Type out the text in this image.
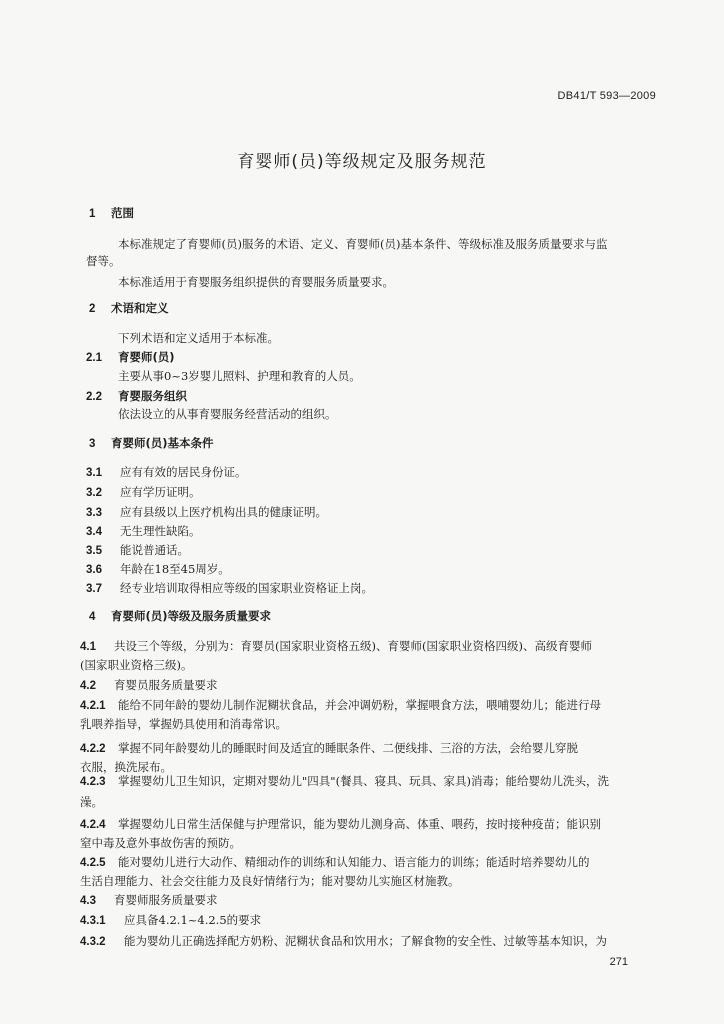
DB41/T 593—2009
育婴师(员)等级规定及服务规范
1 范围
本标准规定了育婴师(员)服务的术语、定义、育婴师(员)基本条件、等级标准及服务质量要求与监
督等。
本标准适用于育婴服务组织提供的育婴服务质量要求。
2 术语和定义
下列术语和定义适用于本标准。
2.1 育婴师(员)
主要从事0~3岁婴儿照料、护理和教育的人员。
2.2 育婴服务组织
依法设立的从事育婴服务经营活动的组织。
3 育婴师(员)基本条件
3.1 应有有效的居民身份证。
3.2 应有学历证明。
3.3 应有县级以上医疗机构出具的健康证明。
3.4 无生理性缺陷。
3.5 能说普通话。
3.6 年龄在18至45周岁。
3.7 经专业培训取得相应等级的国家职业资格证上岗。
4 育婴师(员)等级及服务质量要求
4.1 共设三个等级，分别为：育婴员(国家职业资格五级)、育婴师(国家职业资格四级)、高级育婴师
(国家职业资格三级)。
4.2 育婴员服务质量要求
4.2.1 能给不同年龄的婴幼儿制作泥糊状食品，并会冲调奶粉，掌握喂食方法，喂哺婴幼儿；能进行母
乳喂养指导，掌握奶具使用和消毒常识。
4.2.2 掌握不同年龄婴幼儿的睡眠时间及适宜的睡眠条件、二便线排、三浴的方法，会给婴儿穿脱
衣服，换洗尿布。
4.2.3 掌握婴幼儿卫生知识，定期对婴幼儿"四具"(餐具、寝具、玩具、家具)消毒；能给婴幼儿洗头，洗
澡。
4.2.4 掌握婴幼儿日常生活保健与护理常识，能为婴幼儿测身高、体重、喂药，按时接种疫苗；能识别
窒中毒及意外事故伤害的预防。
4.2.5 能对婴幼儿进行大动作、精细动作的训练和认知能力、语言能力的训练；能适时培养婴幼儿的
生活自理能力、社会交往能力及良好情绪行为；能对婴幼儿实施区材施教。
4.3 育婴师服务质量要求
4.3.1 应具备4.2.1~4.2.5的要求
4.3.2 能为婴幼儿正确选择配方奶粉、泥糊状食品和饮用水；了解食物的安全性、过敏等基本知识，为
271
